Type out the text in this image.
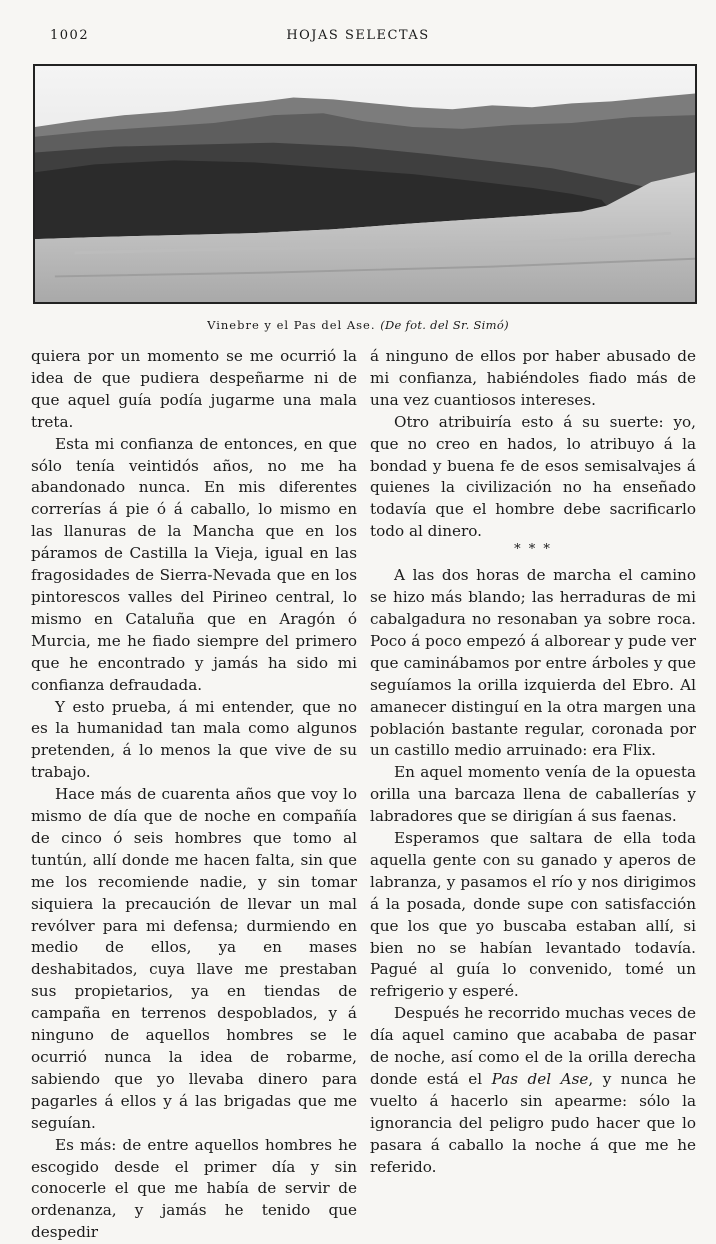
1002	HOJAS SELECTAS
Vinebre y el Pas del Ase. (De fot. del Sr. Simó)

quiera por un momento se me ocurrió la idea de que pudiera despeñarme ni de que aquel guía podía jugarme una mala treta.

Esta mi confianza de entonces, en que sólo tenía veintidós años, no me ha abandonado nunca. En mis diferentes correrías á pie ó á caballo, lo mismo en las llanuras de la Mancha que en los páramos de Castilla la Vieja, igual en las fragosidades de Sierra-Nevada que en los pintorescos valles del Pirineo central, lo mismo en Cataluña que en Aragón ó Murcia, me he fiado siempre del primero que he encontrado y jamás ha sido mi confianza defraudada.

Y esto prueba, á mi entender, que no es la humanidad tan mala como algunos pretenden, á lo menos la que vive de su trabajo.

Hace más de cuarenta años que voy lo mismo de día que de noche en compañía de cinco ó seis hombres que tomo al tuntún, allí donde me hacen falta, sin que me los recomiende nadie, y sin tomar siquiera la precaución de llevar un mal revólver para mi defensa; durmiendo en medio de ellos, ya en mases deshabitados, cuya llave me prestaban sus propietarios, ya en tiendas de campaña en terrenos despoblados, y á ninguno de aquellos hombres se le ocurrió nunca la idea de robarme, sabiendo que yo llevaba dinero para pagarles á ellos y á las brigadas que me seguían.

Es más: de entre aquellos hombres he escogido desde el primer día y sin conocerle el que me había de servir de ordenanza, y jamás he tenido que despedir

á ninguno de ellos por haber abusado de mi confianza, habiéndoles fiado más de una vez cuantiosos intereses.

Otro atribuiría esto á su suerte: yo, que no creo en hados, lo atribuyo á la bondad y buena fe de esos semisalvajes á quienes la civilización no ha enseñado todavía que el hombre debe sacrificarlo todo al dinero.

* * *

A las dos horas de marcha el camino se hizo más blando; las herraduras de mi cabalgadura no resonaban ya sobre roca. Poco á poco empezó á alborear y pude ver que caminábamos por entre árboles y que seguíamos la orilla izquierda del Ebro. Al amanecer distinguí en la otra margen una población bastante regular, coronada por un castillo medio arruinado: era Flix.

En aquel momento venía de la opuesta orilla una barcaza llena de caballerías y labradores que se dirigían á sus faenas.

Esperamos que saltara de ella toda aquella gente con su ganado y aperos de labranza, y pasamos el río y nos dirigimos á la posada, donde supe con satisfacción que los que yo buscaba estaban allí, si bien no se habían levantado todavía. Pagué al guía lo convenido, tomé un refrigerio y esperé.

Después he recorrido muchas veces de día aquel camino que acababa de pasar de noche, así como el de la orilla derecha donde está el Pas del Ase, y nunca he vuelto á hacerlo sin apearme: sólo la ignorancia del peligro pudo hacer que lo pasara á caballo la noche á que me he referido.
